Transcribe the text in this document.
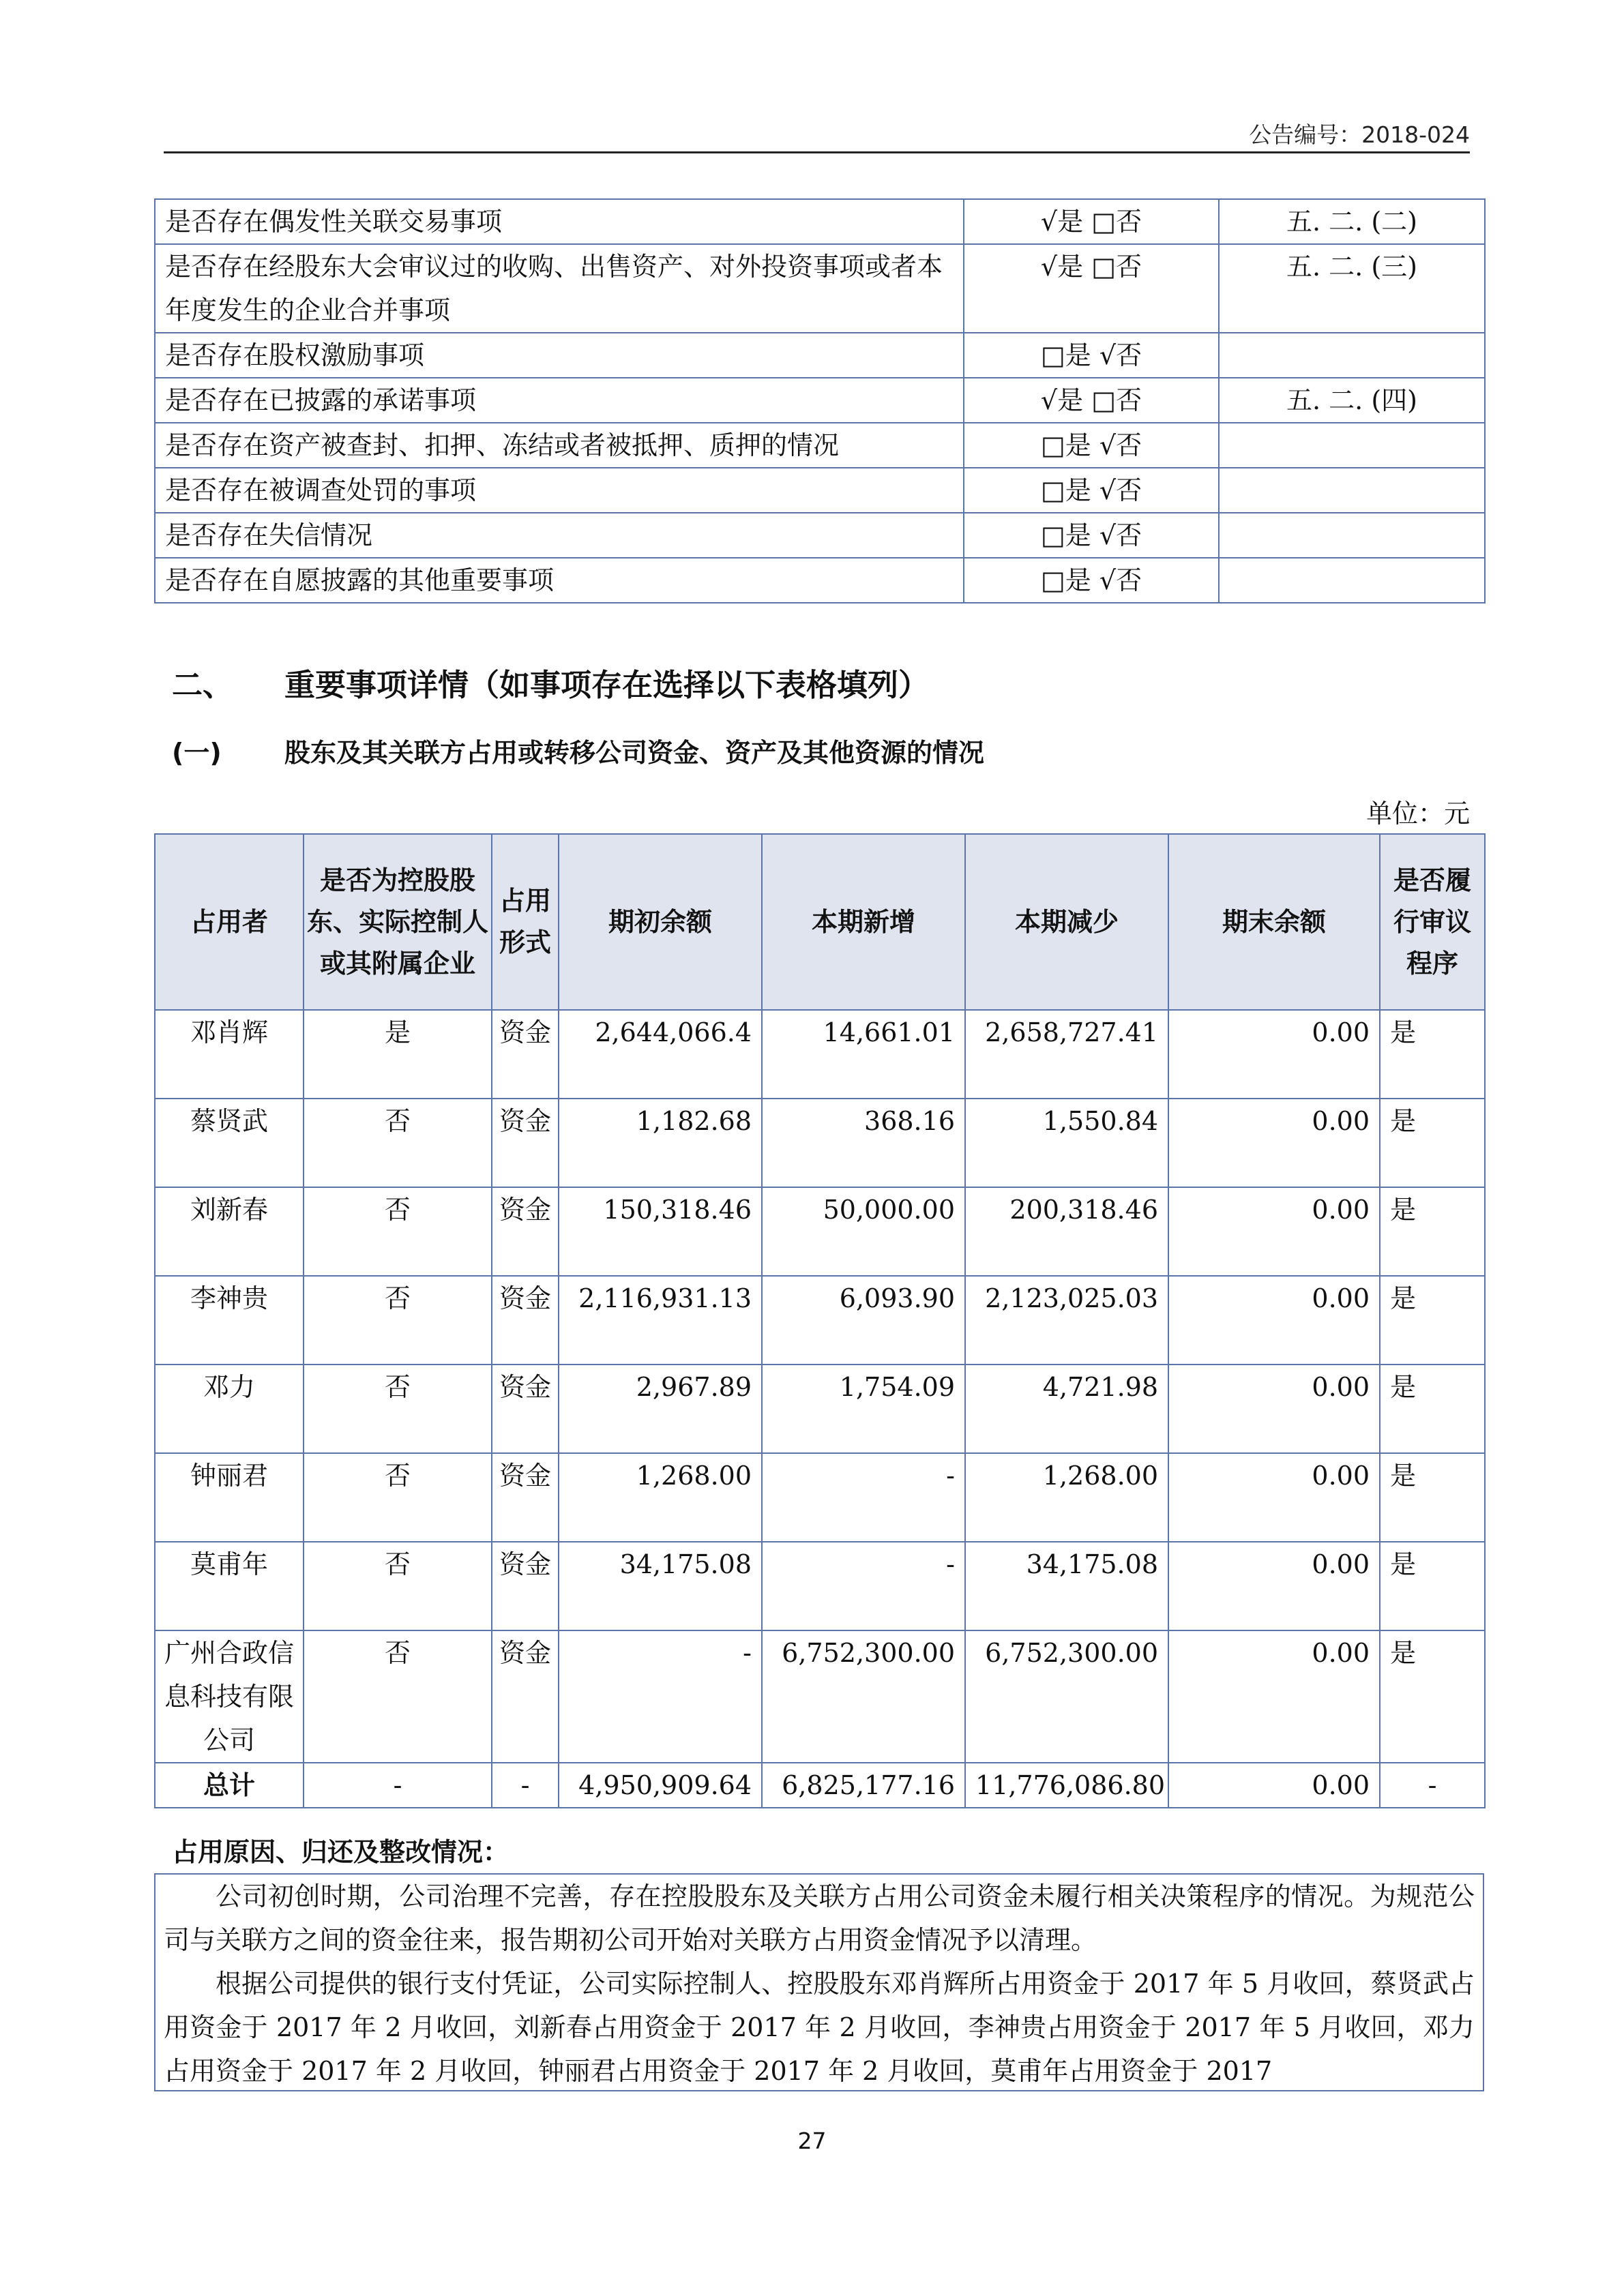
公告编号：2018-024
是否存在偶发性关联交易事项	√是 □否	五. 二. (二)
是否存在经股东大会审议过的收购、出售资产、对外投资事项或者本年度发生的企业合并事项	√是 □否	五. 二. (三)
是否存在股权激励事项	□是 √否	
是否存在已披露的承诺事项	√是 □否	五. 二. (四)
是否存在资产被查封、扣押、冻结或者被抵押、质押的情况	□是 √否	
是否存在被调查处罚的事项	□是 √否	
是否存在失信情况	□是 √否	
是否存在自愿披露的其他重要事项	□是 √否	
二、 重要事项详情（如事项存在选择以下表格填列）
(一) 股东及其关联方占用或转移公司资金、资产及其他资源的情况
单位：元
占用者	是否为控股股东、实际控制人或其附属企业	占用形式	期初余额	本期新增	本期减少	期末余额	是否履行审议程序
邓肖辉	是	资金	2,644,066.4	14,661.01	2,658,727.41	0.00	是
蔡贤武	否	资金	1,182.68	368.16	1,550.84	0.00	是
刘新春	否	资金	150,318.46	50,000.00	200,318.46	0.00	是
李神贵	否	资金	2,116,931.13	6,093.90	2,123,025.03	0.00	是
邓力	否	资金	2,967.89	1,754.09	4,721.98	0.00	是
钟丽君	否	资金	1,268.00	-	1,268.00	0.00	是
莫甫年	否	资金	34,175.08	-	34,175.08	0.00	是
广州合政信息科技有限公司	否	资金	-	6,752,300.00	6,752,300.00	0.00	是
总计	-	-	4,950,909.64	6,825,177.16	11,776,086.80	0.00	-
占用原因、归还及整改情况：

公司初创时期，公司治理不完善，存在控股股东及关联方占用公司资金未履行相关决策程序的情况。为规范公司与关联方之间的资金往来，报告期初公司开始对关联方占用资金情况予以清理。

根据公司提供的银行支付凭证，公司实际控制人、控股股东邓肖辉所占用资金于 2017 年 5 月收回，蔡贤武占用资金于 2017 年 2 月收回，刘新春占用资金于 2017 年 2 月收回，李神贵占用资金于 2017 年 5 月收回，邓力占用资金于 2017 年 2 月收回，钟丽君占用资金于 2017 年 2 月收回，莫甫年占用资金于 2017

27
